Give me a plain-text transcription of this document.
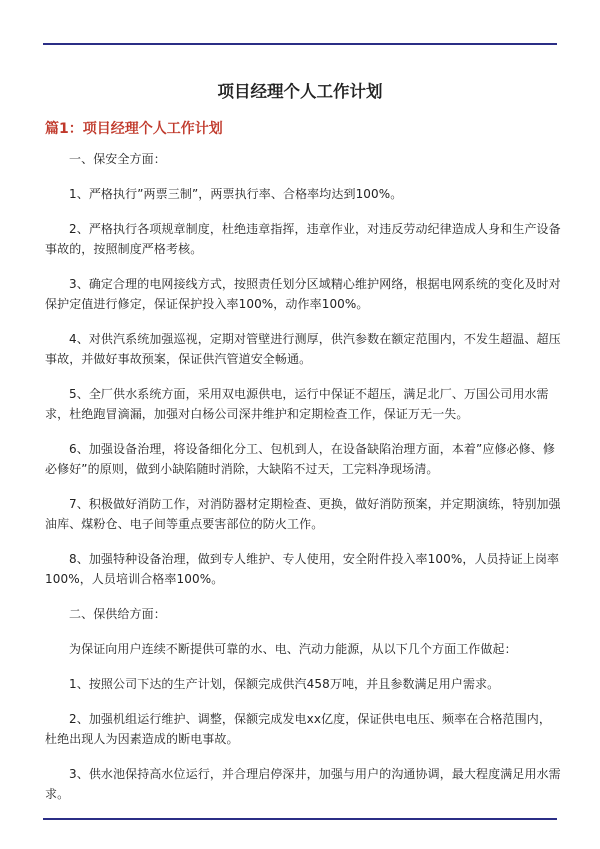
项目经理个人工作计划
篇1：项目经理个人工作计划

一、保安全方面：

1、严格执行”两票三制”，两票执行率、合格率均达到100%。

2、严格执行各项规章制度，杜绝违章指挥，违章作业，对违反劳动纪律造成人身和生产设备事故的，按照制度严格考核。

3、确定合理的电网接线方式，按照责任划分区域精心维护网络，根据电网系统的变化及时对保护定值进行修定，保证保护投入率100%，动作率100%。

4、对供汽系统加强巡视，定期对管壁进行测厚，供汽参数在额定范围内，不发生超温、超压事故，并做好事故预案，保证供汽管道安全畅通。

5、全厂供水系统方面，采用双电源供电，运行中保证不超压，满足北厂、万国公司用水需求，杜绝跑冒滴漏，加强对白杨公司深井维护和定期检查工作，保证万无一失。

6、加强设备治理，将设备细化分工、包机到人，在设备缺陷治理方面，本着”应修必修、修必修好”的原则，做到小缺陷随时消除，大缺陷不过天，工完料净现场清。

7、积极做好消防工作，对消防器材定期检查、更换，做好消防预案，并定期演练，特别加强油库、煤粉仓、电子间等重点要害部位的防火工作。

8、加强特种设备治理，做到专人维护、专人使用，安全附件投入率100%，人员持证上岗率100%，人员培训合格率100%。

二、保供给方面：

为保证向用户连续不断提供可靠的水、电、汽动力能源，从以下几个方面工作做起：

1、按照公司下达的生产计划，保额完成供汽458万吨，并且参数满足用户需求。

2、加强机组运行维护、调整，保额完成发电xx亿度，保证供电电压、频率在合格范围内，杜绝出现人为因素造成的断电事故。

3、供水池保持高水位运行，并合理启停深井，加强与用户的沟通协调，最大程度满足用水需求。
